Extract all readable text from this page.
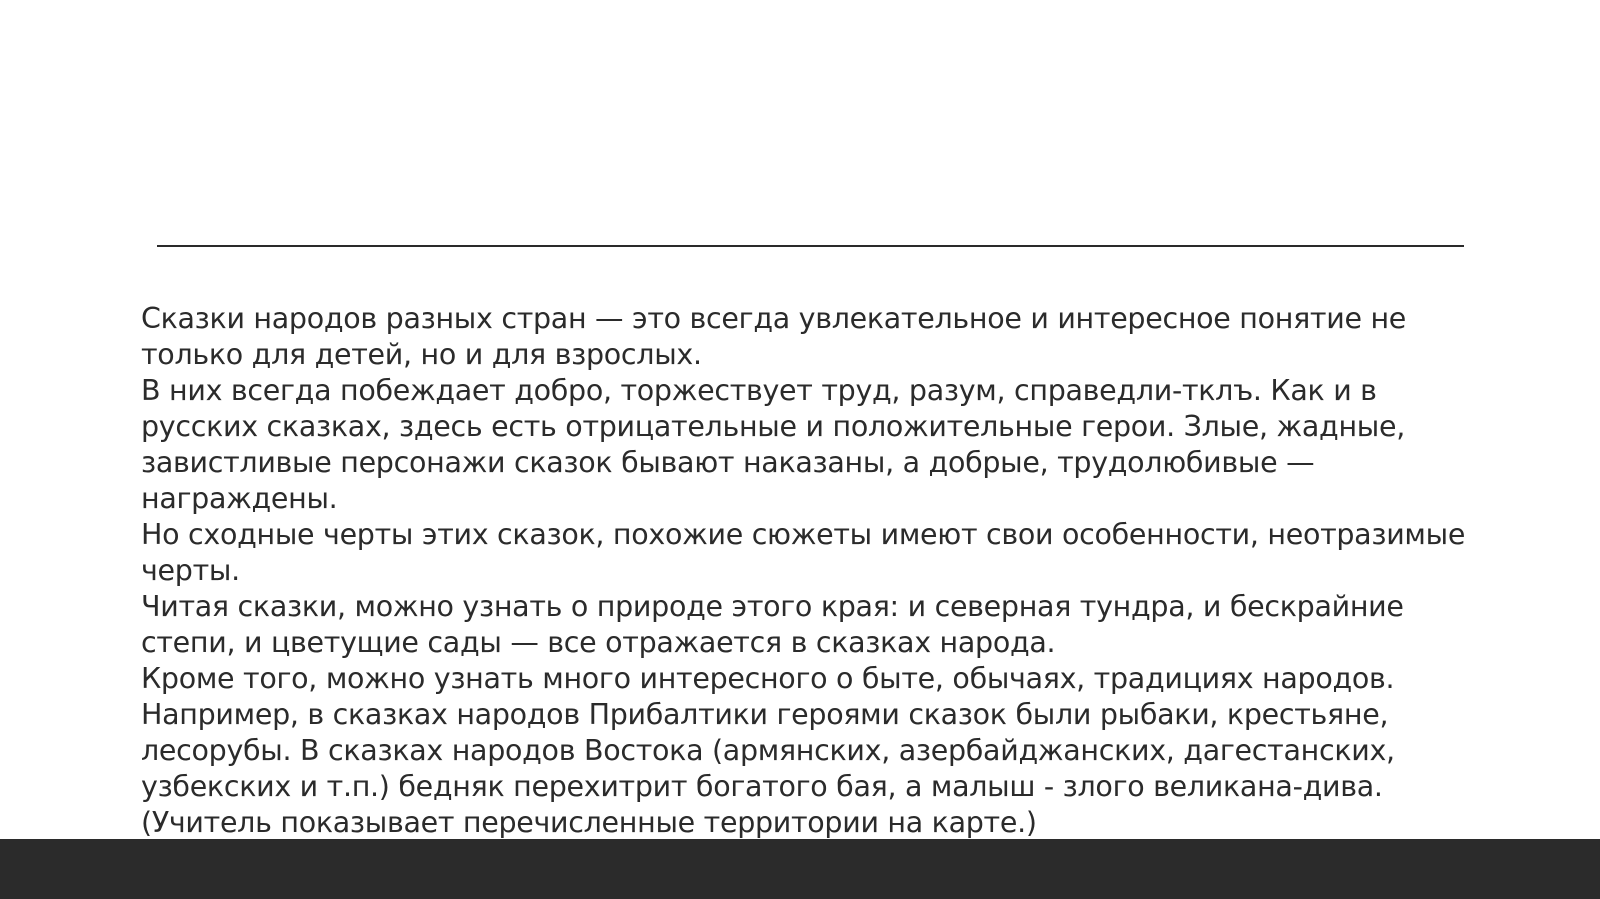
Сказки народов разных стран — это всегда увлекательное и интересное понятие не только для детей, но и для взрослых.

В них всегда побеждает добро, торжествует труд, разум, справедли-тклъ. Как и в русских сказках, здесь есть отрицательные и положительные герои. Злые, жадные, завистливые персонажи сказок бывают наказаны, а добрые, трудолюбивые — награждены.

Но сходные черты этих сказок, похожие сюжеты имеют свои особенности, неотразимые черты.

Читая сказки, можно узнать о природе этого края: и северная тундра, и бескрайние степи, и цветущие сады — все отражается в сказках народа.

Кроме того, можно узнать много интересного о быте, обычаях, традициях народов.

Например, в сказках народов Прибалтики героями сказок были рыбаки, крестьяне, лесорубы. В сказках народов Востока (армянских, азербайджанских, дагестанских, узбекских и т.п.) бедняк перехитрит богатого бая, а малыш - злого великана-дива.

(Учитель показывает перечисленные территории на карте.)
